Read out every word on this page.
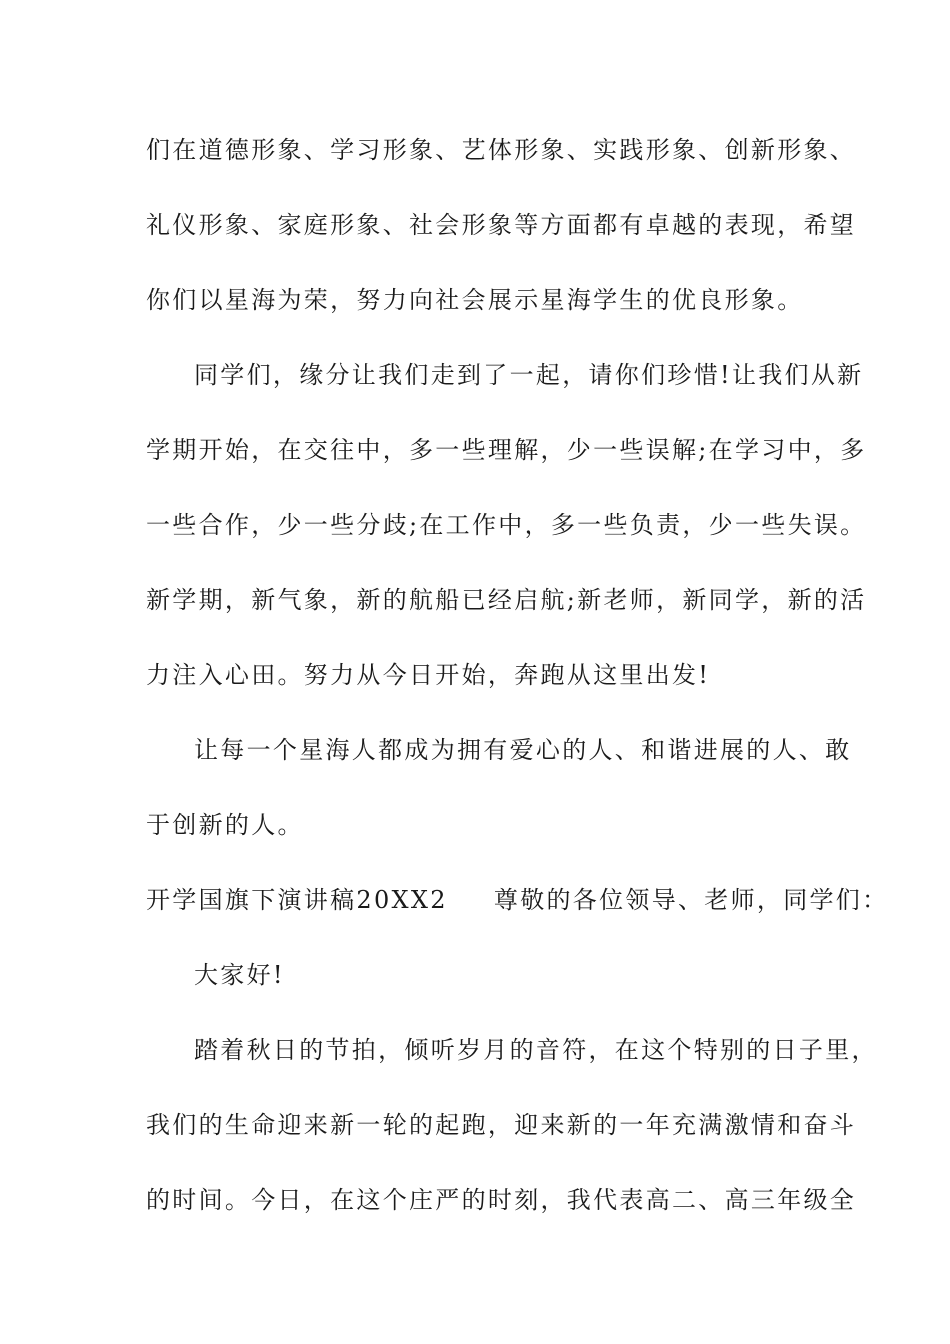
们在道德形象、学习形象、艺体形象、实践形象、创新形象、
礼仪形象、家庭形象、社会形象等方面都有卓越的表现，希望
你们以星海为荣，努力向社会展示星海学生的优良形象。
同学们，缘分让我们走到了一起，请你们珍惜!让我们从新
学期开始，在交往中，多一些理解，少一些误解;在学习中，多
一些合作，少一些分歧;在工作中，多一些负责，少一些失误。
新学期，新气象，新的航船已经启航;新老师，新同学，新的活
力注入心田。努力从今日开始，奔跑从这里出发!
让每一个星海人都成为拥有爱心的人、和谐进展的人、敢
于创新的人。
开学国旗下演讲稿20XX2 尊敬的各位领导、老师，同学们：
大家好!
踏着秋日的节拍，倾听岁月的音符，在这个特别的日子里，
我们的生命迎来新一轮的起跑，迎来新的一年充满激情和奋斗
的时间。今日，在这个庄严的时刻，我代表高二、高三年级全
